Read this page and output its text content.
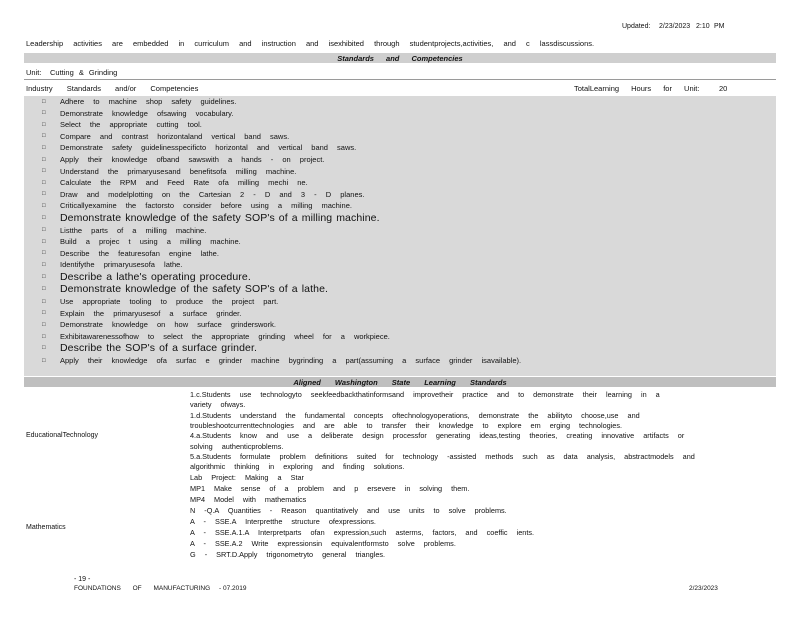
Updated: 2/23/2023 2:10 PM
Leadership activities are embedded in curriculum and instruction and isexhibited through studentprojects,activities, and c lassdiscussions.
Standards and Competencies
Unit: Cutting & Grinding
Industry Standards and/or Competencies	TotalLearning Hours for Unit:	20
□	Adhere to machine shop safety guidelines.
□	Demonstrate knowledge ofsawing vocabulary.
□	Select the appropriate cutting tool.
□	Compare and contrast horizontaland vertical band saws.
□	Demonstrate safety guidelinesspecificto horizontal and vertical band saws.
□	Apply their knowledge ofband sawswith a hands - on project.
□	Understand the primaryusesand benefitsofa milling machine.
□	Calculate the RPM and Feed Rate ofa milling mechi ne.
□	Draw and modelplotting on the Cartesian 2 - D and 3 - D planes.
□	Criticallyexamine the factorsto consider before using a milling machine.
□	Demonstrate knowledge of the safety SOP's of a milling machine.
□	Listthe parts of a milling machine.
□	Build a projec t using a milling machine.
□	Describe the featuresofan engine lathe.
□	Identifythe primaryusesofa lathe.
□	Describe a lathe's operating procedure.
□	Demonstrate knowledge of the safety SOP's of a lathe.
□	Use appropriate tooling to produce the project part.
□	Explain the primaryusesof a surface grinder.
□	Demonstrate knowledge on how surface grinderswork.
□	Exhibitawarenessofhow to select the appropriate grinding wheel for a workpiece.
□	Describe the SOP's of a surface grinder.
□	Apply their knowledge ofa surfac e grinder machine bygrinding a part(assuming a surface grinder isavailable).
Aligned Washington State Learning Standards
EducationalTechnology
1.c.Students use technologyto seekfeedbackthatinformsand improvetheir practice and to demonstrate their learning in a
variety ofways.
1.d.Students understand the fundamental concepts oftechnologyoperations, demonstrate the abilityto choose,use and
troubleshootcurrenttechnologies and are able to transfer their knowledge to explore em erging technologies.
4.a.Students know and use a deliberate design processfor generating ideas,testing theories, creating innovative artifacts or
solving authenticproblems.
5.a.Students formulate problem definitions suited for technology -assisted methods such as data analysis, abstractmodels and
algorithmic thinking in exploring and finding solutions.
Mathematics
Lab Project: Making a Star
MP1 Make sense of a problem and p ersevere in solving them.
MP4 Model with mathematics
N -Q.A Quantities - Reason quantitatively and use units to solve problems.
A - SSE.A Interpretthe structure ofexpressions.
A - SSE.A.1.A Interpretparts ofan expression,such asterms, factors, and coeffic ients.
A - SSE.A.2 Write expressionsin equivalentformsto solve problems.
G - SRT.D.Apply trigonometryto general triangles.
- 19 -
FOUNDATIONS OF MANUFACTURING - 07.2019	2/23/2023
